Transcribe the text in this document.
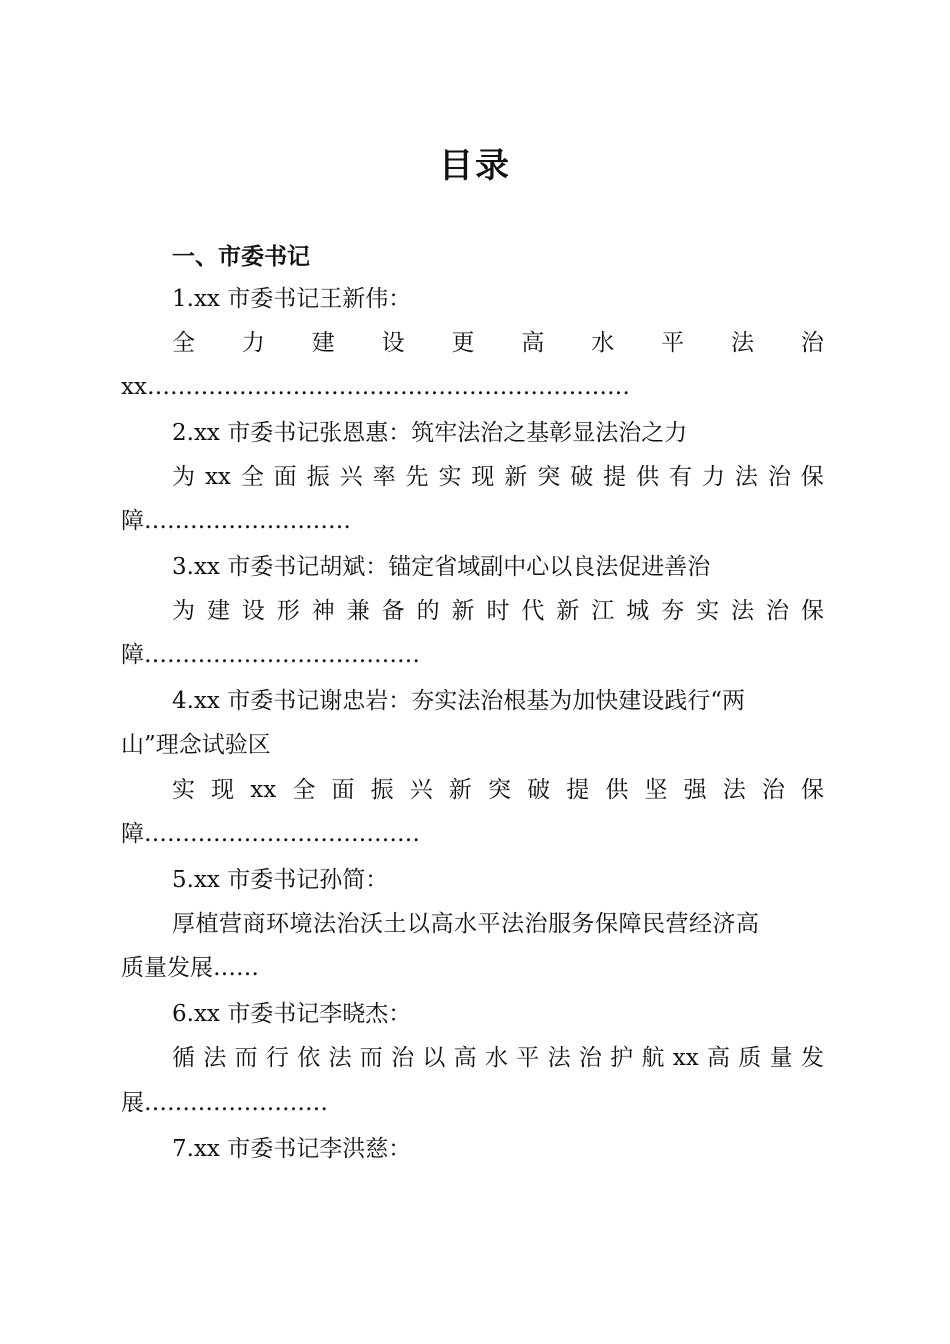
目录
一、市委书记
1.xx 市委书记王新伟：
全 力 建 设 更 高 水 平 法 治
xx………………………………………………………
2.xx 市委书记张恩惠：筑牢法治之基彰显法治之力
为 xx 全 面 振 兴 率 先 实 现 新 突 破 提 供 有 力 法 治 保
障………………………
3.xx 市委书记胡斌：锚定省域副中心以良法促进善治
为 建 设 形 神 兼 备 的 新 时 代 新 江 城 夯 实 法 治 保
障………………………………
4.xx 市委书记谢忠岩：夯实法治根基为加快建设践行“两
山”理念试验区
实 现 xx 全 面 振 兴 新 突 破 提 供 坚 强 法 治 保
障………………………………
5.xx 市委书记孙简：
厚植营商环境法治沃土以高水平法治服务保障民营经济高
质量发展……
6.xx 市委书记李晓杰：
循 法 而 行 依 法 而 治 以 高 水 平 法 治 护 航 xx 高 质 量 发
展……………………
7.xx 市委书记李洪慈：
